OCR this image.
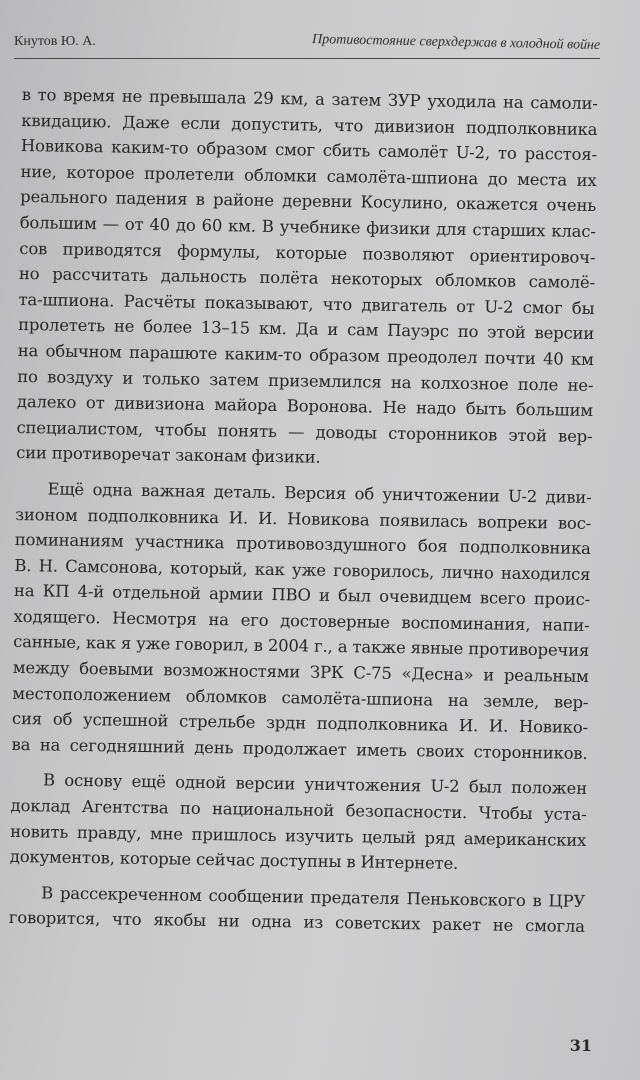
Кнутов Ю. А.	Противостояние сверхдержав в холодной войне
в то время не превышала 29 км, а затем ЗУР уходила на самоли-
квидацию. Даже если допустить, что дивизион подполковника
Новикова каким-то образом смог сбить самолёт U-2, то расстоя-
ние, которое пролетели обломки самолёта-шпиона до места их
реального падения в районе деревни Косулино, окажется очень
большим — от 40 до 60 км. В учебнике физики для старших клас-
сов приводятся формулы, которые позволяют ориентировоч-
но рассчитать дальность полёта некоторых обломков самолё-
та-шпиона. Расчёты показывают, что двигатель от U-2 смог бы
пролететь не более 13–15 км. Да и сам Пауэрс по этой версии
на обычном парашюте каким-то образом преодолел почти 40 км
по воздуху и только затем приземлился на колхозное поле не-
далеко от дивизиона майора Воронова. Не надо быть большим
специалистом, чтобы понять — доводы сторонников этой вер-
сии противоречат законам физики.
Ещё одна важная деталь. Версия об уничтожении U-2 диви-
зионом подполковника И. И. Новикова появилась вопреки вос-
поминаниям участника противовоздушного боя подполковника
В. Н. Самсонова, который, как уже говорилось, лично находился
на КП 4-й отдельной армии ПВО и был очевидцем всего проис-
ходящего. Несмотря на его достоверные воспоминания, напи-
санные, как я уже говорил, в 2004 г., а также явные противоречия
между боевыми возможностями ЗРК С-75 «Десна» и реальным
местоположением обломков самолёта-шпиона на земле, вер-
сия об успешной стрельбе зрдн подполковника И. И. Новико-
ва на сегодняшний день продолжает иметь своих сторонников.
В основу ещё одной версии уничтожения U-2 был положен
доклад Агентства по национальной безопасности. Чтобы уста-
новить правду, мне пришлось изучить целый ряд американских
документов, которые сейчас доступны в Интернете.
В рассекреченном сообщении предателя Пеньковского в ЦРУ
говорится, что якобы ни одна из советских ракет не смогла
31
